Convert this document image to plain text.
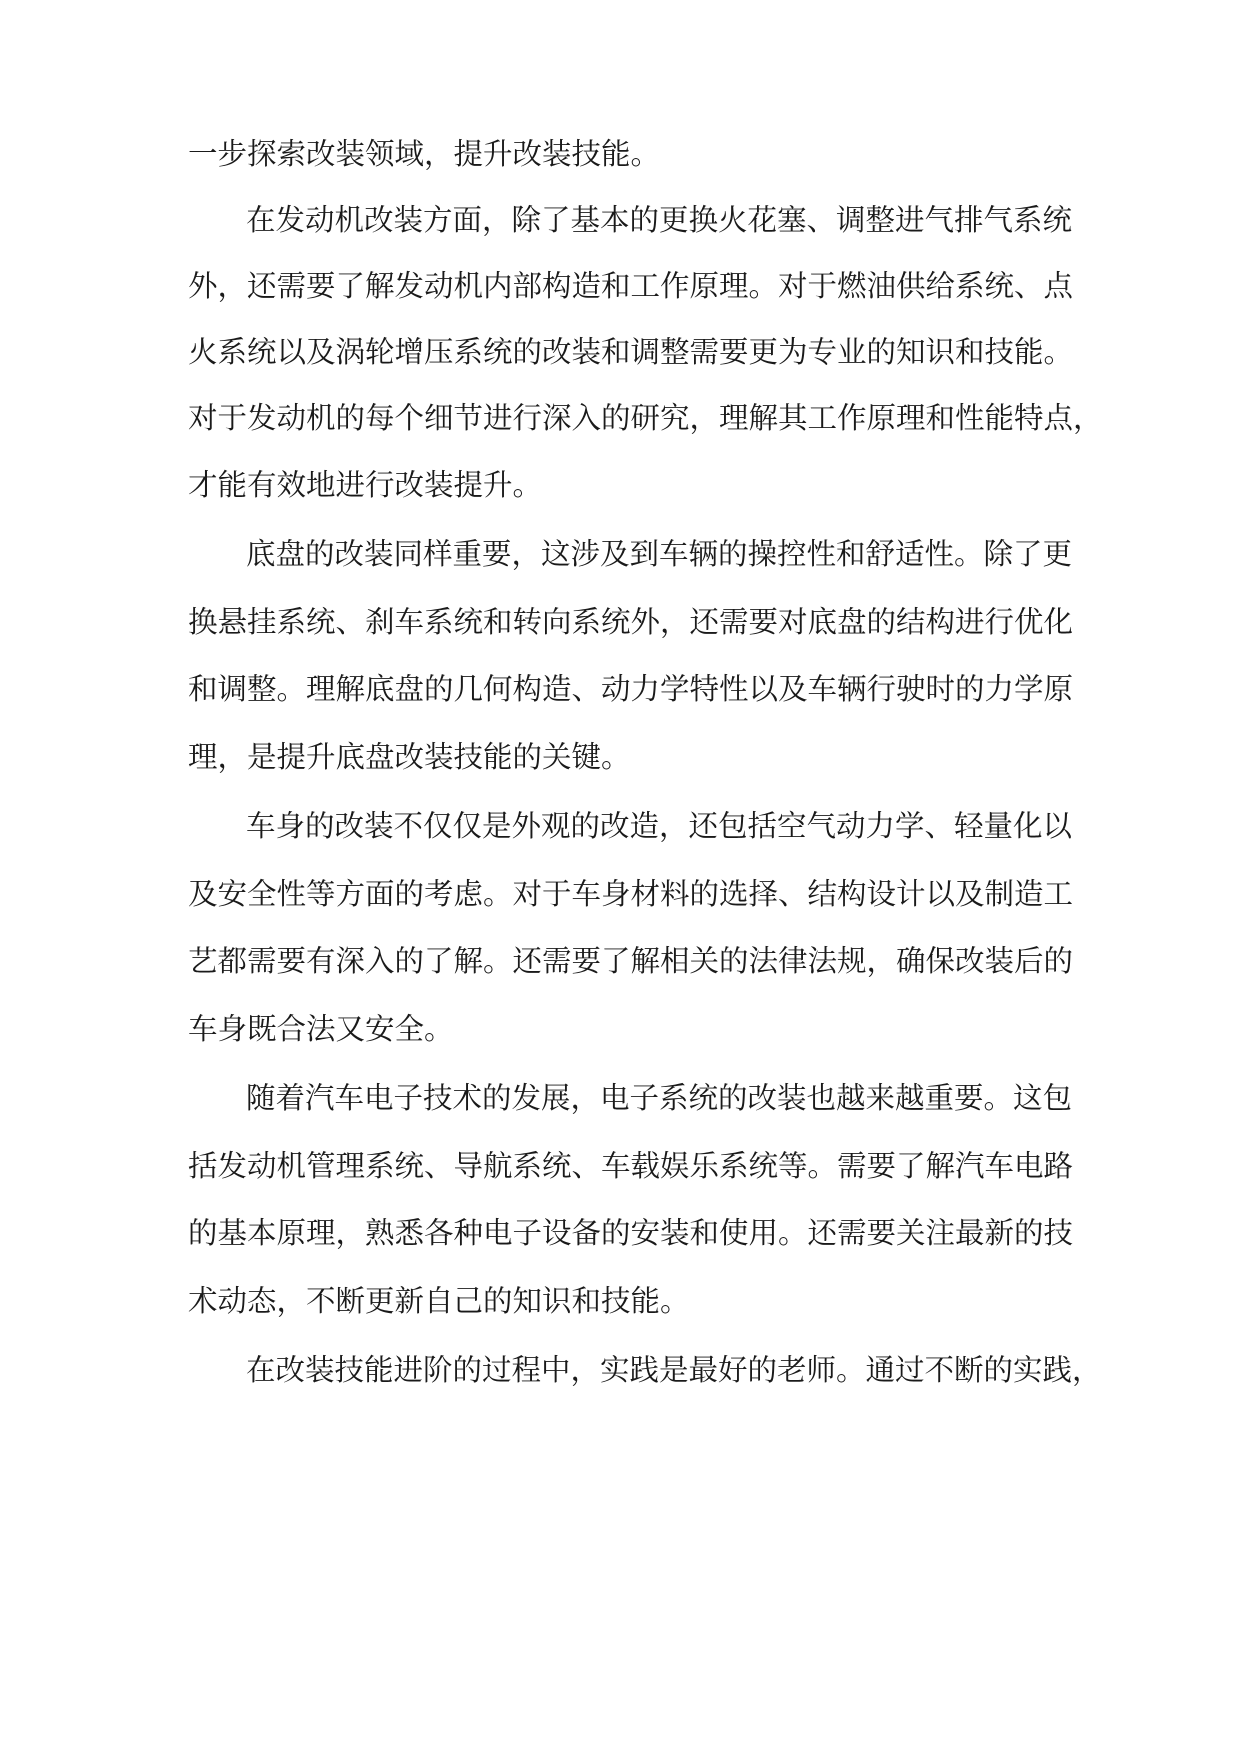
一步探索改装领域，提升改装技能。

在发动机改装方面，除了基本的更换火花塞、调整进气排气系统

外，还需要了解发动机内部构造和工作原理。对于燃油供给系统、点

火系统以及涡轮增压系统的改装和调整需要更为专业的知识和技能。

对于发动机的每个细节进行深入的研究，理解其工作原理和性能特点，

才能有效地进行改装提升。

底盘的改装同样重要，这涉及到车辆的操控性和舒适性。除了更

换悬挂系统、刹车系统和转向系统外，还需要对底盘的结构进行优化

和调整。理解底盘的几何构造、动力学特性以及车辆行驶时的力学原

理，是提升底盘改装技能的关键。

车身的改装不仅仅是外观的改造，还包括空气动力学、轻量化以

及安全性等方面的考虑。对于车身材料的选择、结构设计以及制造工

艺都需要有深入的了解。还需要了解相关的法律法规，确保改装后的

车身既合法又安全。

随着汽车电子技术的发展，电子系统的改装也越来越重要。这包

括发动机管理系统、导航系统、车载娱乐系统等。需要了解汽车电路

的基本原理，熟悉各种电子设备的安装和使用。还需要关注最新的技

术动态，不断更新自己的知识和技能。

在改装技能进阶的过程中，实践是最好的老师。通过不断的实践，
